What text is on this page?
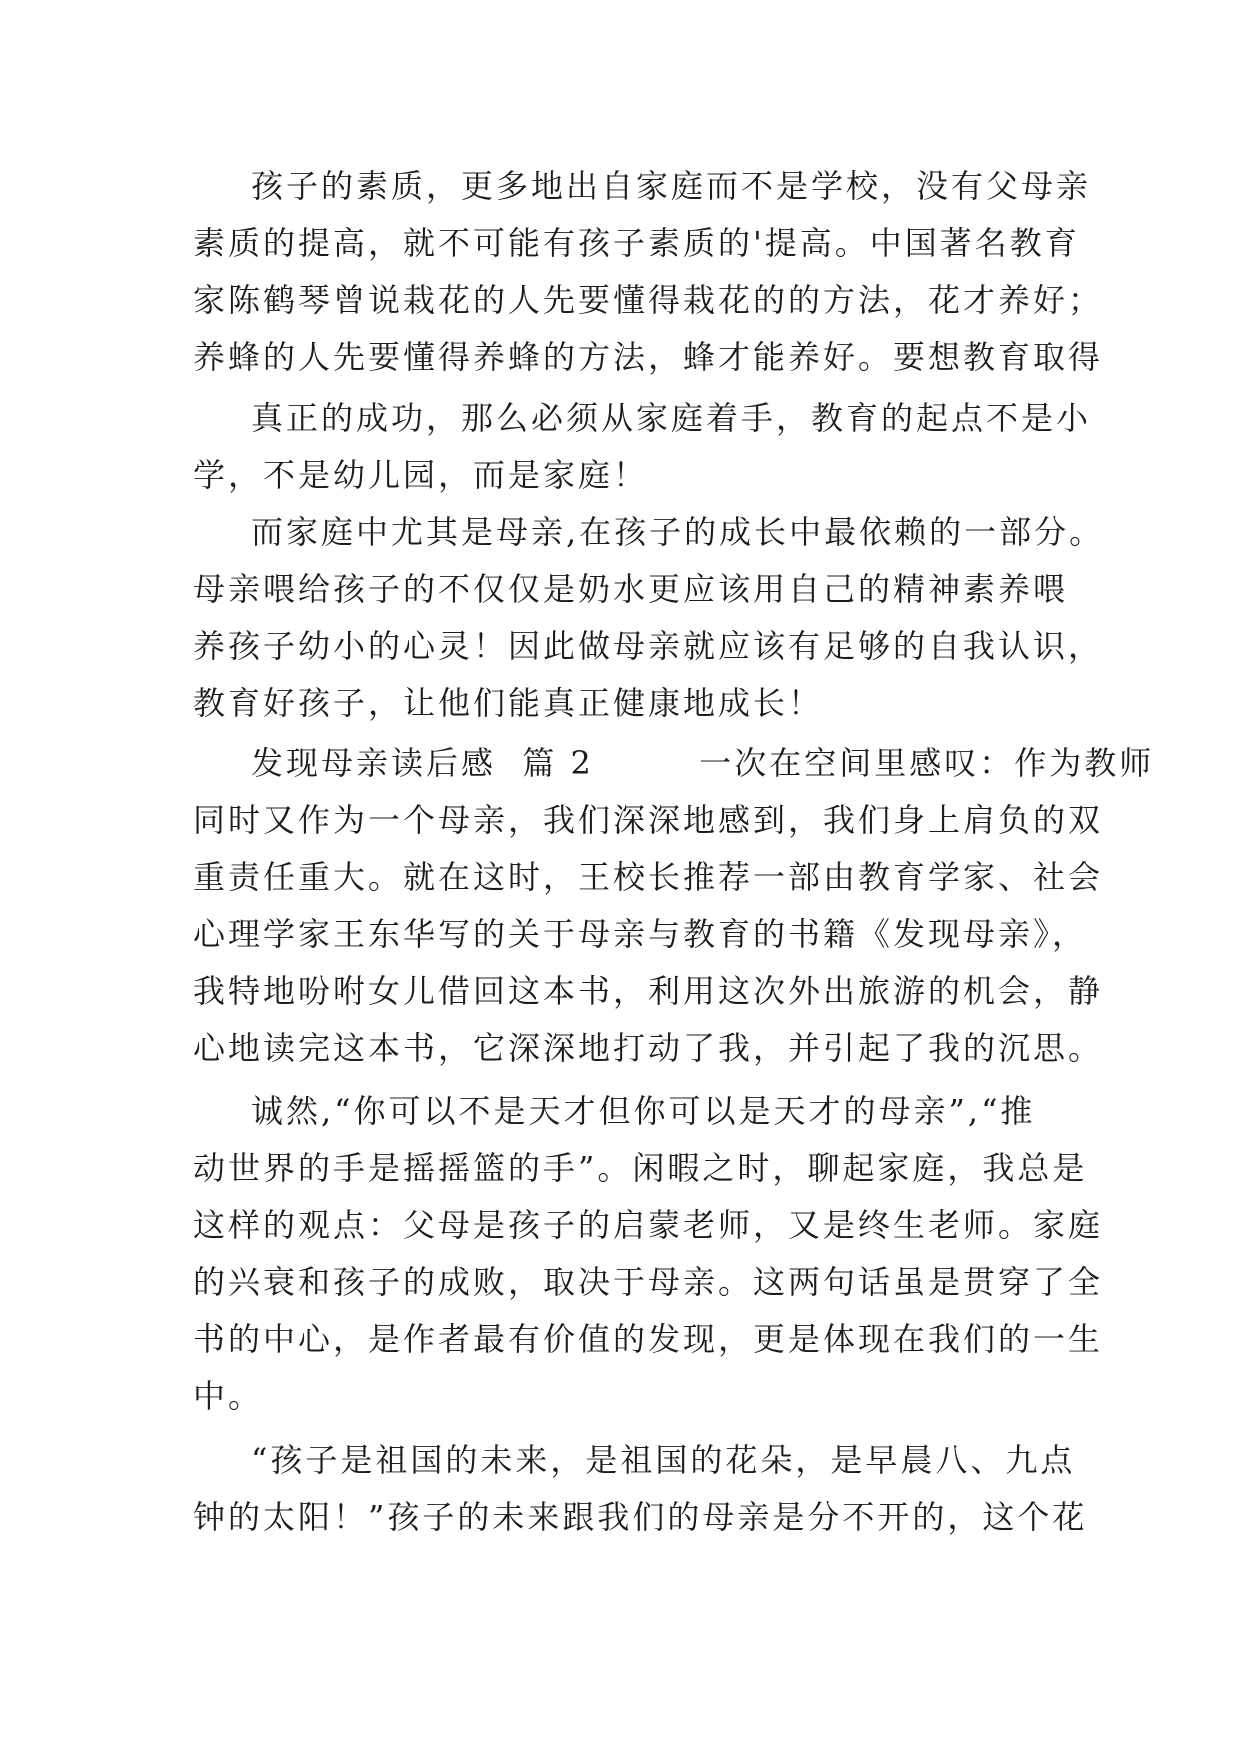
孩子的素质，更多地出自家庭而不是学校，没有父母亲
素质的提高，就不可能有孩子素质的'提高。中国著名教育
家陈鹤琴曾说栽花的人先要懂得栽花的的方法，花才养好；
养蜂的人先要懂得养蜂的方法，蜂才能养好。要想教育取得
真正的成功，那么必须从家庭着手，教育的起点不是小
学，不是幼儿园，而是家庭！
而家庭中尤其是母亲,在孩子的成长中最依赖的一部分。
母亲喂给孩子的不仅仅是奶水更应该用自己的精神素养喂
养孩子幼小的心灵！因此做母亲就应该有足够的自我认识，
教育好孩子，让他们能真正健康地成长！
发现母亲读后感  篇 2        一次在空间里感叹：作为教师
同时又作为一个母亲，我们深深地感到，我们身上肩负的双
重责任重大。就在这时，王校长推荐一部由教育学家、社会
心理学家王东华写的关于母亲与教育的书籍《发现母亲》，
我特地吩咐女儿借回这本书，利用这次外出旅游的机会，静
心地读完这本书，它深深地打动了我，并引起了我的沉思。
诚然,“你可以不是天才但你可以是天才的母亲”,“推
动世界的手是摇摇篮的手”。闲暇之时，聊起家庭，我总是
这样的观点：父母是孩子的启蒙老师，又是终生老师。家庭
的兴衰和孩子的成败，取决于母亲。这两句话虽是贯穿了全
书的中心，是作者最有价值的发现，更是体现在我们的一生
中。
“孩子是祖国的未来，是祖国的花朵，是早晨八、九点
钟的太阳！”孩子的未来跟我们的母亲是分不开的，这个花
